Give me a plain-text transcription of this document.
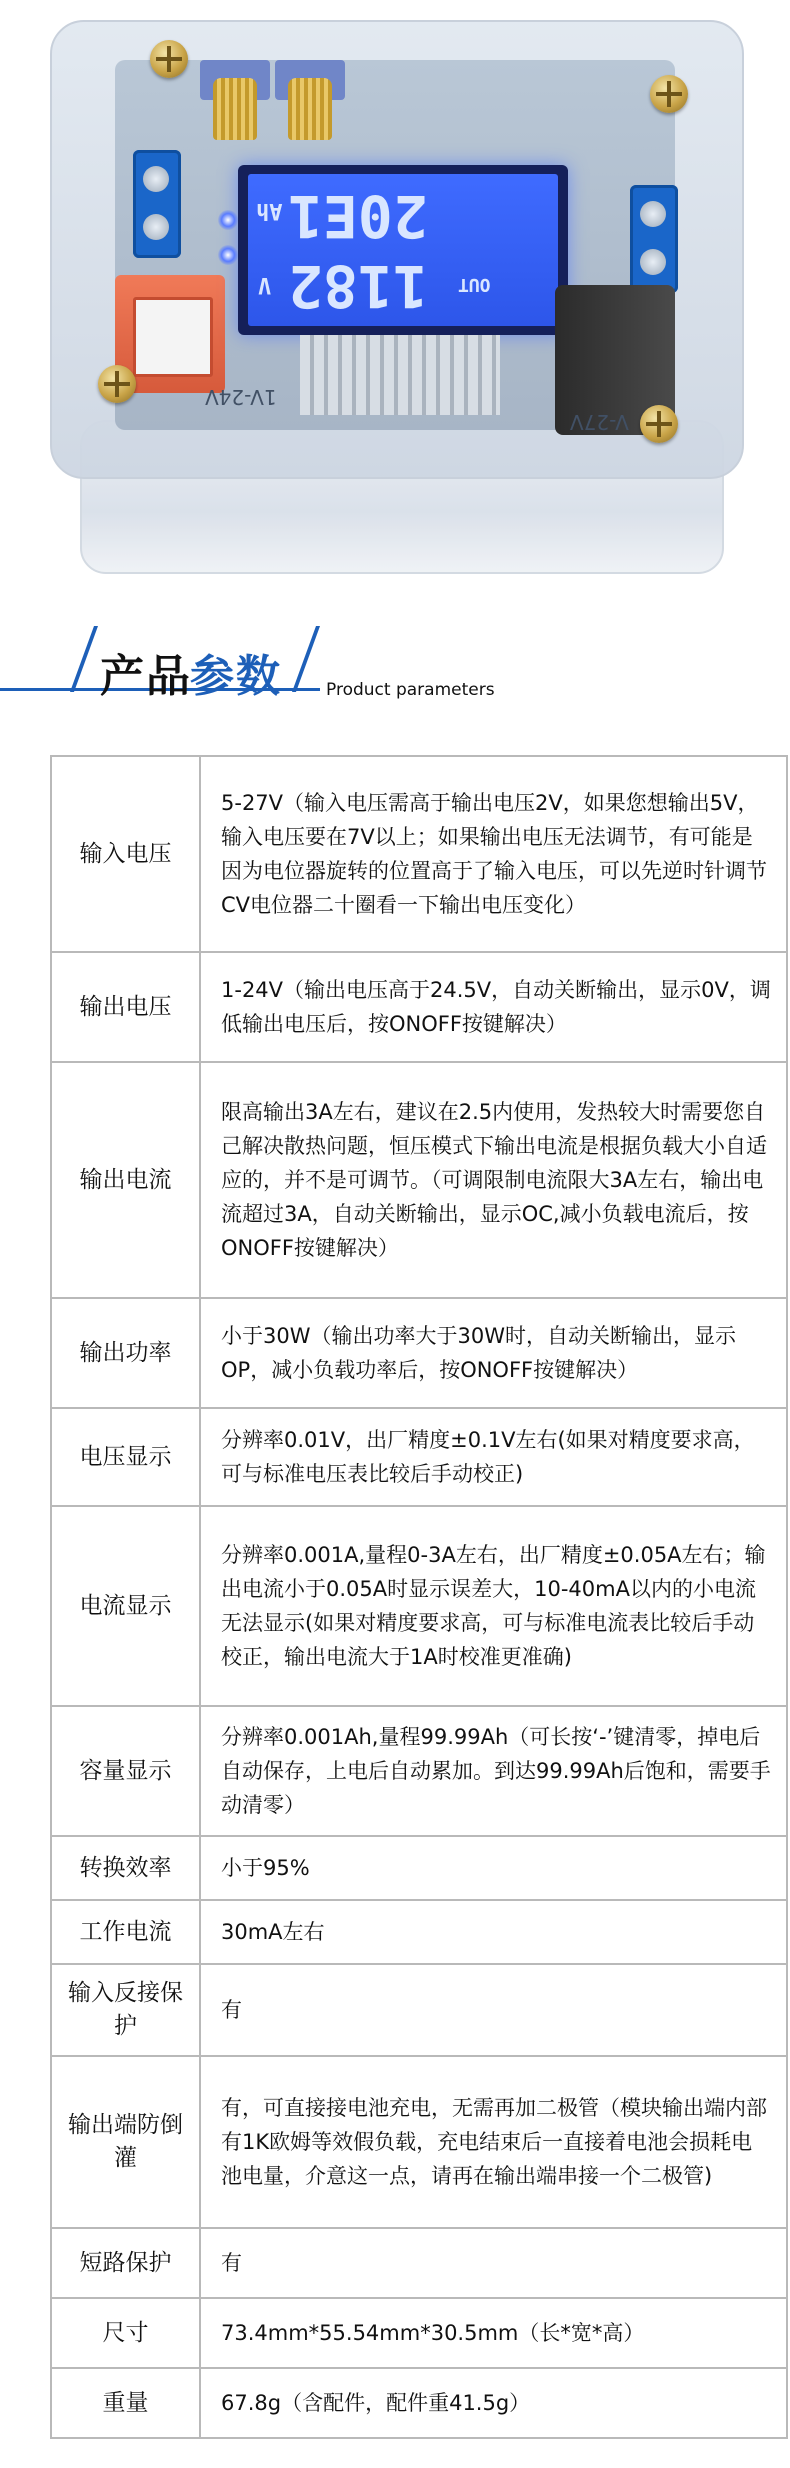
20E1
Ah
1182
V	OUT
1V-24V
V-27V
产品
参数	Product parameters
输入电压	5-27V（输入电压需高于输出电压2V，如果您想输出5V，输入电压要在7V以上；如果输出电压无法调节，有可能是因为电位器旋转的位置高于了输入电压，可以先逆时针调节CV电位器二十圈看一下输出电压变化）
输出电压	1-24V（输出电压高于24.5V，自动关断输出，显示0V，调低输出电压后，按ONOFF按键解决）
输出电流	限高输出3A左右，建议在2.5内使用，发热较大时需要您自己解决散热问题，恒压模式下输出电流是根据负载大小自适应的，并不是可调节。（可调限制电流限大3A左右，输出电流超过3A，自动关断输出，显示OC,减小负载电流后，按ONOFF按键解决）
输出功率	小于30W（输出功率大于30W时，自动关断输出，显示OP，减小负载功率后，按ONOFF按键解决）
电压显示	分辨率0.01V，出厂精度±0.1V左右(如果对精度要求高，可与标准电压表比较后手动校正)
电流显示	分辨率0.001A,量程0-3A左右，出厂精度±0.05A左右；输出电流小于0.05A时显示误差大，10-40mA以内的小电流无法显示(如果对精度要求高，可与标准电流表比较后手动校正，输出电流大于1A时校准更准确)
容量显示	分辨率0.001Ah,量程99.99Ah（可长按‘-’键清零，掉电后自动保存，上电后自动累加。到达99.99Ah后饱和，需要手动清零）
转换效率	小于95%
工作电流	30mA左右
输入反接保护	有
输出端防倒灌	有，可直接接电池充电，无需再加二极管（模块输出端内部有1K欧姆等效假负载，充电结束后一直接着电池会损耗电池电量，介意这一点，请再在输出端串接一个二极管)
短路保护	有
尺寸	73.4mm*55.54mm*30.5mm（长*宽*高）
重量	67.8g（含配件，配件重41.5g）
